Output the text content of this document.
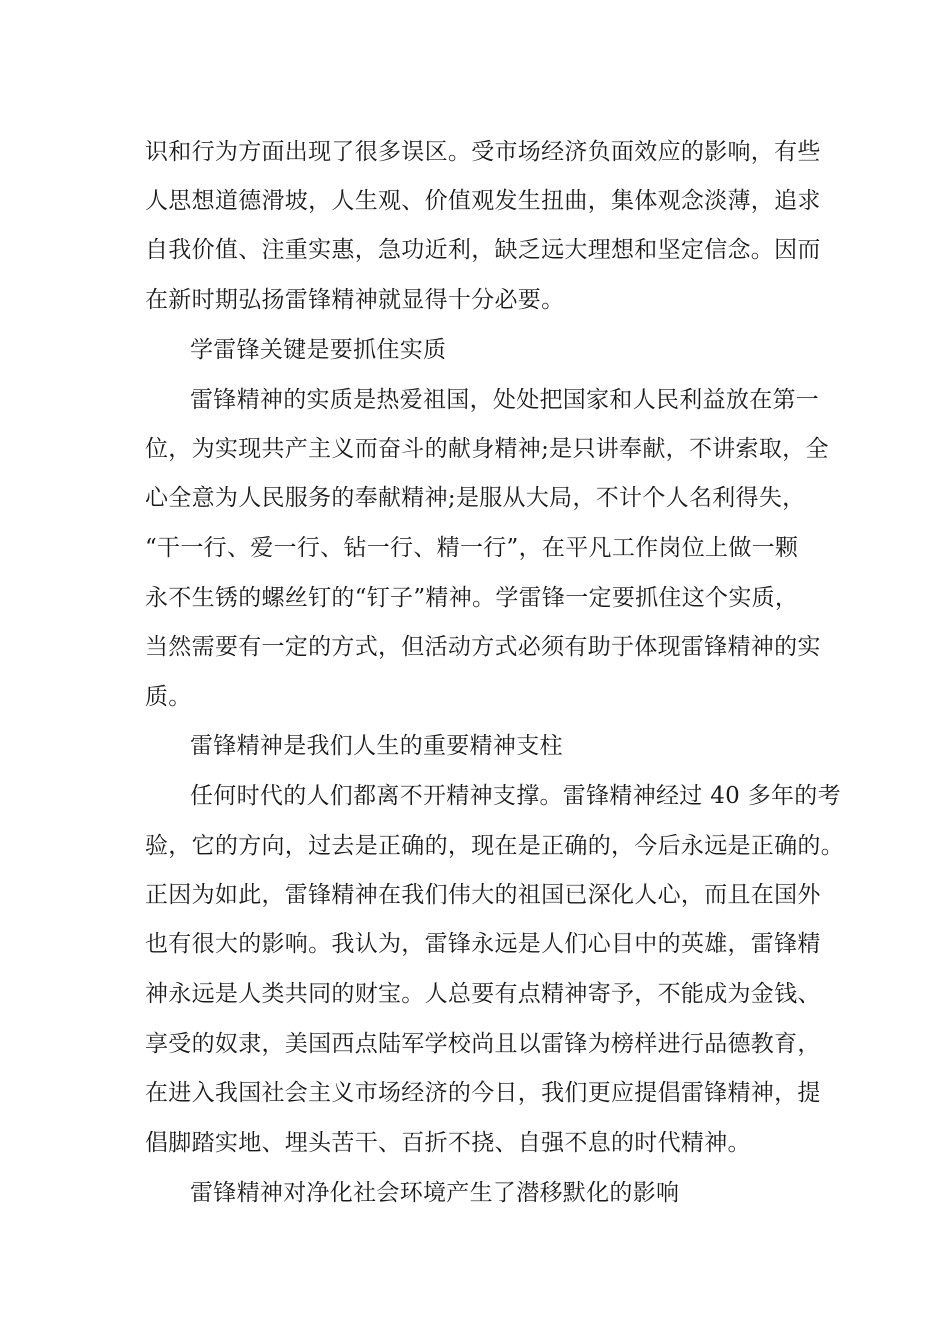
识和行为方面出现了很多误区。受市场经济负面效应的影响，有些
人思想道德滑坡，人生观、价值观发生扭曲，集体观念淡薄，追求
自我价值、注重实惠，急功近利，缺乏远大理想和坚定信念。因而
在新时期弘扬雷锋精神就显得十分必要。
学雷锋关键是要抓住实质
雷锋精神的实质是热爱祖国，处处把国家和人民利益放在第一
位，为实现共产主义而奋斗的献身精神;是只讲奉献，不讲索取，全
心全意为人民服务的奉献精神;是服从大局，不计个人名利得失，
“干一行、爱一行、钻一行、精一行”，在平凡工作岗位上做一颗
永不生锈的螺丝钉的“钉子”精神。学雷锋一定要抓住这个实质，
当然需要有一定的方式，但活动方式必须有助于体现雷锋精神的实
质。
雷锋精神是我们人生的重要精神支柱
任何时代的人们都离不开精神支撑。雷锋精神经过 40 多年的考
验，它的方向，过去是正确的，现在是正确的，今后永远是正确的。
正因为如此，雷锋精神在我们伟大的祖国已深化人心，而且在国外
也有很大的影响。我认为，雷锋永远是人们心目中的英雄，雷锋精
神永远是人类共同的财宝。人总要有点精神寄予，不能成为金钱、
享受的奴隶，美国西点陆军学校尚且以雷锋为榜样进行品德教育，
在进入我国社会主义市场经济的今日，我们更应提倡雷锋精神，提
倡脚踏实地、埋头苦干、百折不挠、自强不息的时代精神。
雷锋精神对净化社会环境产生了潜移默化的影响
